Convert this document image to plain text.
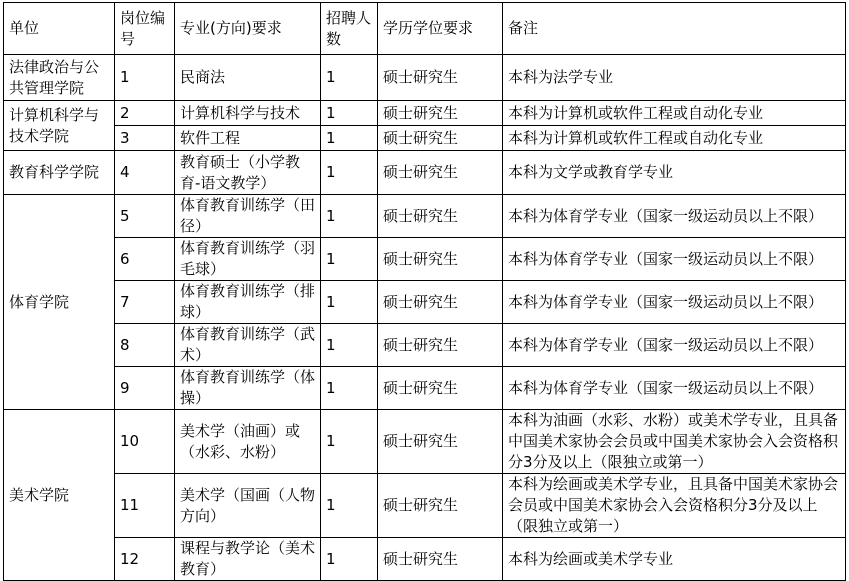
单位	岗位编号	专业(方向)要求	招聘人数	学历学位要求	备注
法律政治与公共管理学院	1	民商法	1	硕士研究生	本科为法学专业
计算机科学与技术学院	2	计算机科学与技术	1	硕士研究生	本科为计算机或软件工程或自动化专业
	3	软件工程	1	硕士研究生	本科为计算机或软件工程或自动化专业
教育科学学院	4	教育硕士（小学教育-语文教学）	1	硕士研究生	本科为文学或教育学专业
体育学院	5	体育教育训练学（田径）	1	硕士研究生	本科为体育学专业（国家一级运动员以上不限）
	6	体育教育训练学（羽毛球）	1	硕士研究生	本科为体育学专业（国家一级运动员以上不限）
	7	体育教育训练学（排球）	1	硕士研究生	本科为体育学专业（国家一级运动员以上不限）
	8	体育教育训练学（武术）	1	硕士研究生	本科为体育学专业（国家一级运动员以上不限）
	9	体育教育训练学（体操）	1	硕士研究生	本科为体育学专业（国家一级运动员以上不限）
美术学院	10	美术学（油画）或（水彩、水粉）	1	硕士研究生	本科为油画（水彩、水粉）或美术学专业，且具备中国美术家协会会员或中国美术家协会入会资格积分3分及以上（限独立或第一）
	11	美术学（国画（人物方向）	1	硕士研究生	本科为绘画或美术学专业，且具备中国美术家协会会员或中国美术家协会入会资格积分3分及以上（限独立或第一）
	12	课程与教学论（美术教育）	1	硕士研究生	本科为绘画或美术学专业
